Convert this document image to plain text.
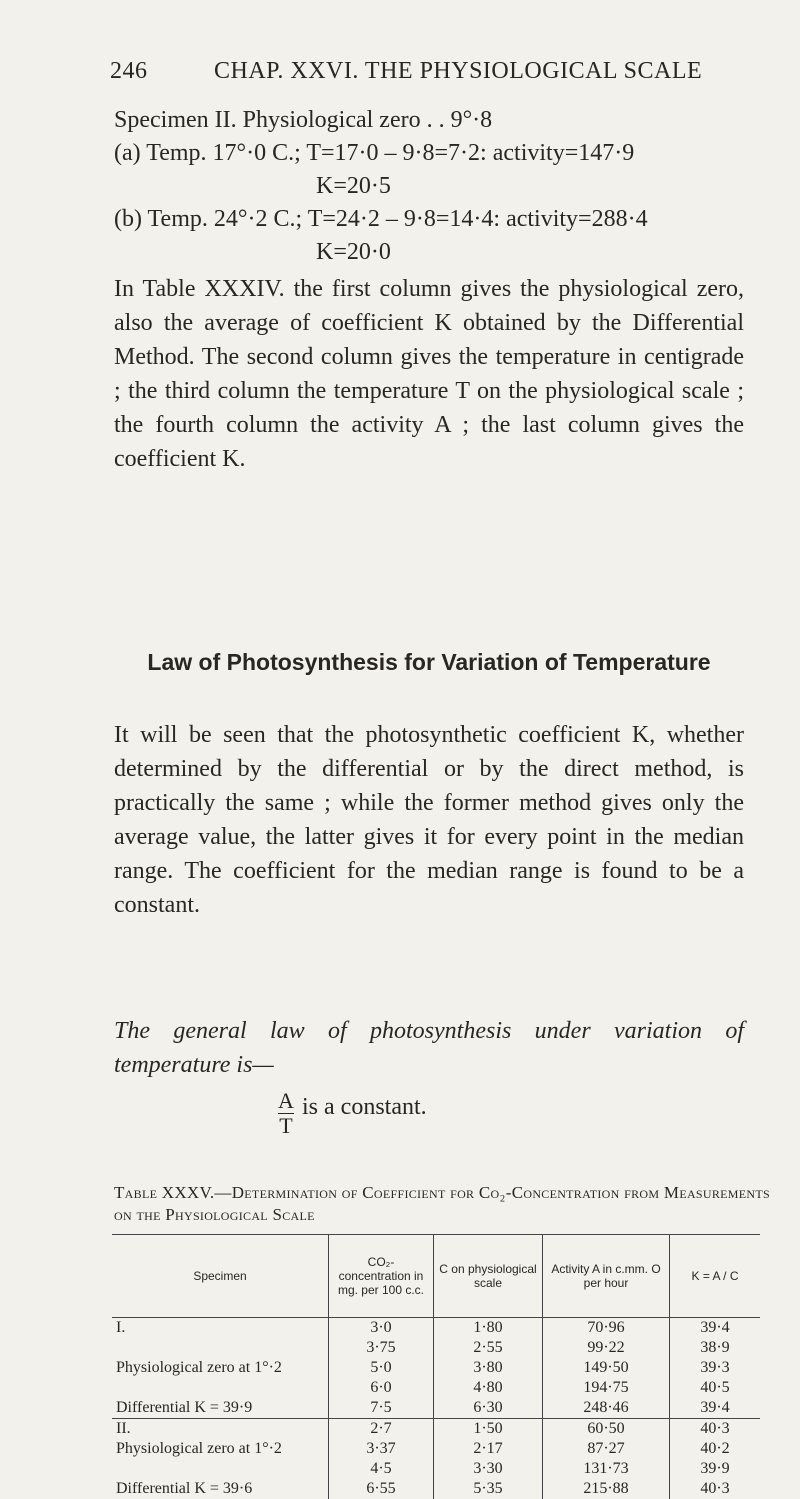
246	CHAP. XXVI. THE PHYSIOLOGICAL SCALE
Specimen II. Physiological zero . . 9°·8
(a) Temp. 17°·0 C.; T=17·0 – 9·8=7·2: activity=147·9
K=20·5
(b) Temp. 24°·2 C.; T=24·2 – 9·8=14·4: activity=288·4
K=20·0
In Table XXXIV. the first column gives the physiological zero, also the average of coefficient K obtained by the Differential Method. The second column gives the temperature in centigrade ; the third column the temperature T on the physiological scale ; the fourth column the activity A ; the last column gives the coefficient K.
Law of Photosynthesis for Variation of Temperature
It will be seen that the photosynthetic coefficient K, whether determined by the differential or by the direct method, is practically the same ; while the former method gives only the average value, the latter gives it for every point in the median range. The coefficient for the median range is found to be a constant.
The general law of photosynthesis under variation of temperature is—
A
T
is a constant.
Table XXXV.—Determination of Coefficient for Co₂-Concentration from Measurements on the Physiological Scale
Specimen	CO₂-concentration in mg. per 100 c.c.	C on physiological scale	Activity A in c.mm. O per hour	K = A / C
I.	3·0	1·80	70·96	39·4
	3·75	2·55	99·22	38·9
Physiological zero at 1°·2	5·0	3·80	149·50	39·3
	6·0	4·80	194·75	40·5
Differential K = 39·9	7·5	6·30	248·46	39·4
II.	2·7	1·50	60·50	40·3
Physiological zero at 1°·2	3·37	2·17	87·27	40·2
	4·5	3·30	131·73	39·9
Differential K = 39·6	6·55	5·35	215·88	40·3
